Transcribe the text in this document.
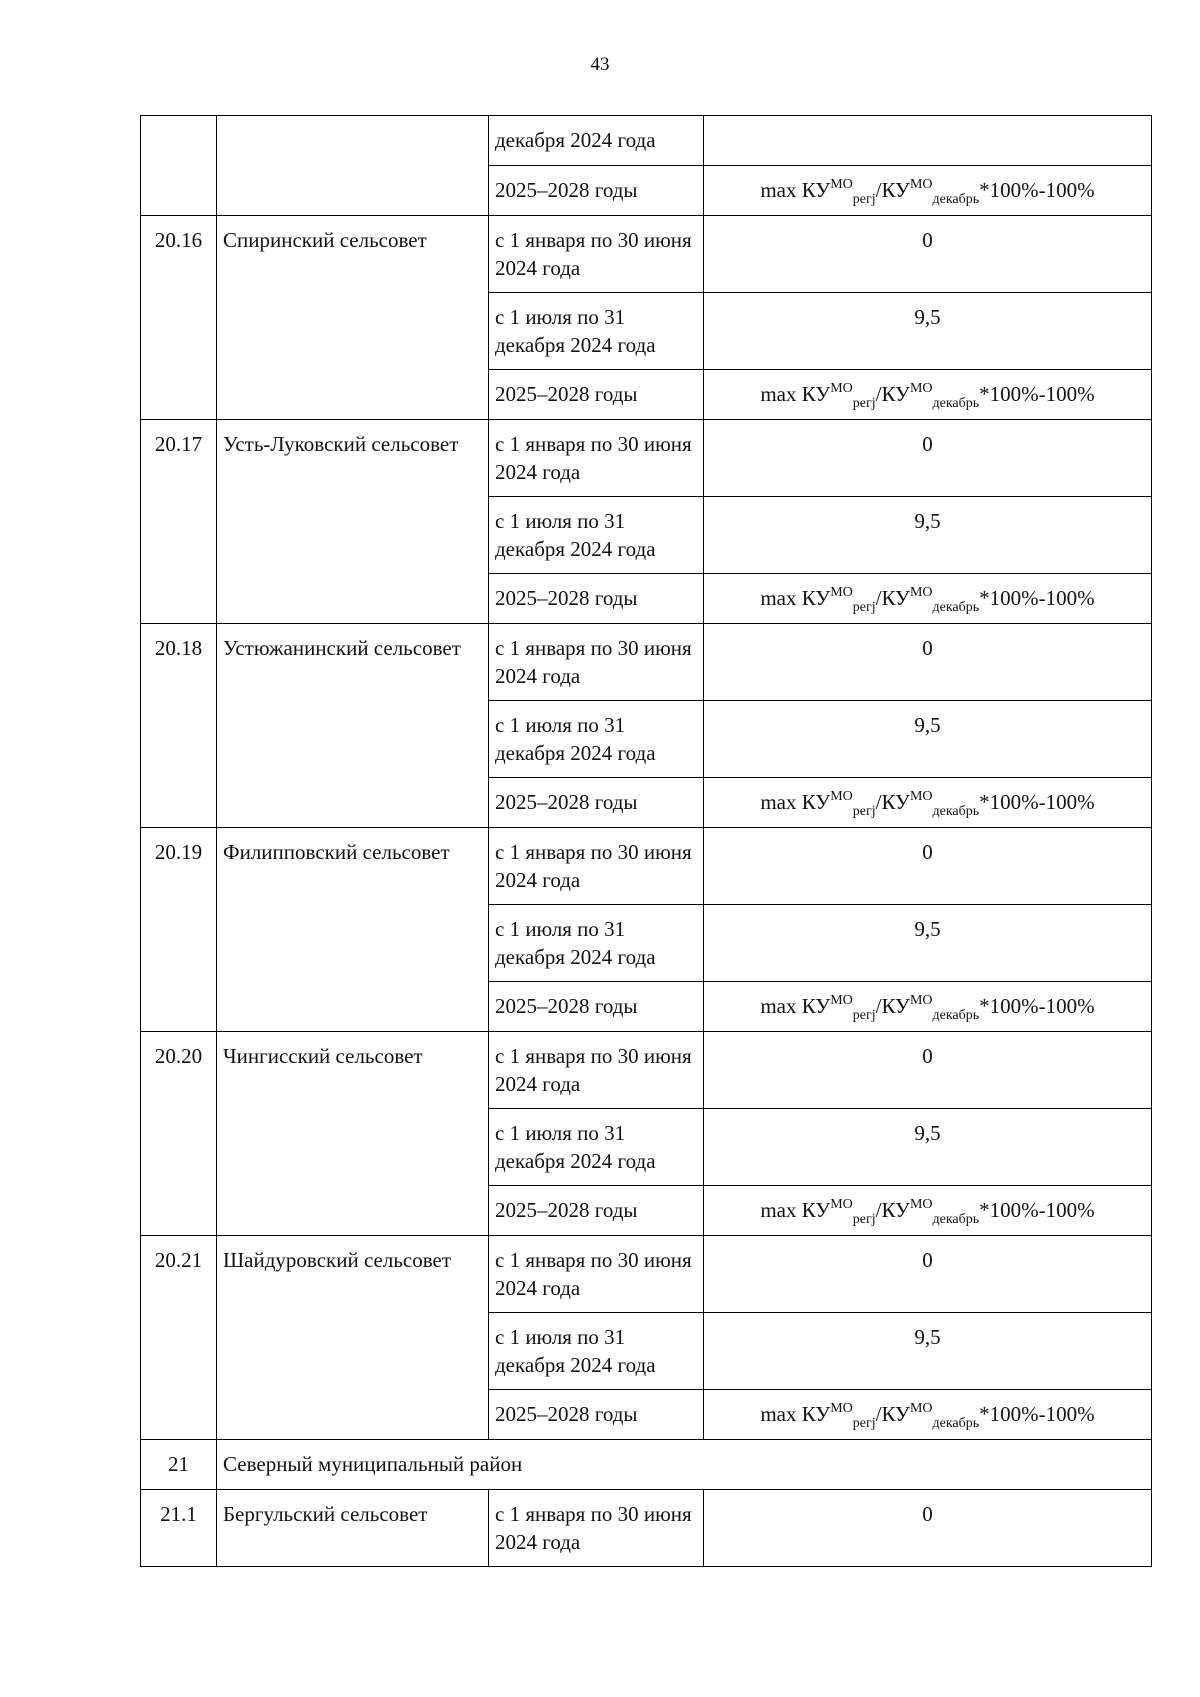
43
		декабря 2024 года	
		2025–2028 годы	$\max КУ^{МО}_{регj}/КУ^{МО}_{декабрь}*100\%-100\%$
20.16	Спиринский сельсовет	с 1 января по 30 июня 2024 года	0
		с 1 июля по 31 декабря 2024 года	9,5
		2025–2028 годы	$\max КУ^{МО}_{регj}/КУ^{МО}_{декабрь}*100\%-100\%$
20.17	Усть-Луковский сельсовет	с 1 января по 30 июня 2024 года	0
		с 1 июля по 31 декабря 2024 года	9,5
		2025–2028 годы	$\max КУ^{МО}_{регj}/КУ^{МО}_{декабрь}*100\%-100\%$
20.18	Устюжанинский сельсовет	с 1 января по 30 июня 2024 года	0
		с 1 июля по 31 декабря 2024 года	9,5
		2025–2028 годы	$\max КУ^{МО}_{регj}/КУ^{МО}_{декабрь}*100\%-100\%$
20.19	Филипповский сельсовет	с 1 января по 30 июня 2024 года	0
		с 1 июля по 31 декабря 2024 года	9,5
		2025–2028 годы	$\max КУ^{МО}_{регj}/КУ^{МО}_{декабрь}*100\%-100\%$
20.20	Чингисский сельсовет	с 1 января по 30 июня 2024 года	0
		с 1 июля по 31 декабря 2024 года	9,5
		2025–2028 годы	$\max КУ^{МО}_{регj}/КУ^{МО}_{декабрь}*100\%-100\%$
20.21	Шайдуровский сельсовет	с 1 января по 30 июня 2024 года	0
		с 1 июля по 31 декабря 2024 года	9,5
		2025–2028 годы	$\max КУ^{МО}_{регj}/КУ^{МО}_{декабрь}*100\%-100\%$
21	Северный муниципальный район		
21.1	Бергульский сельсовет	с 1 января по 30 июня 2024 года	0
